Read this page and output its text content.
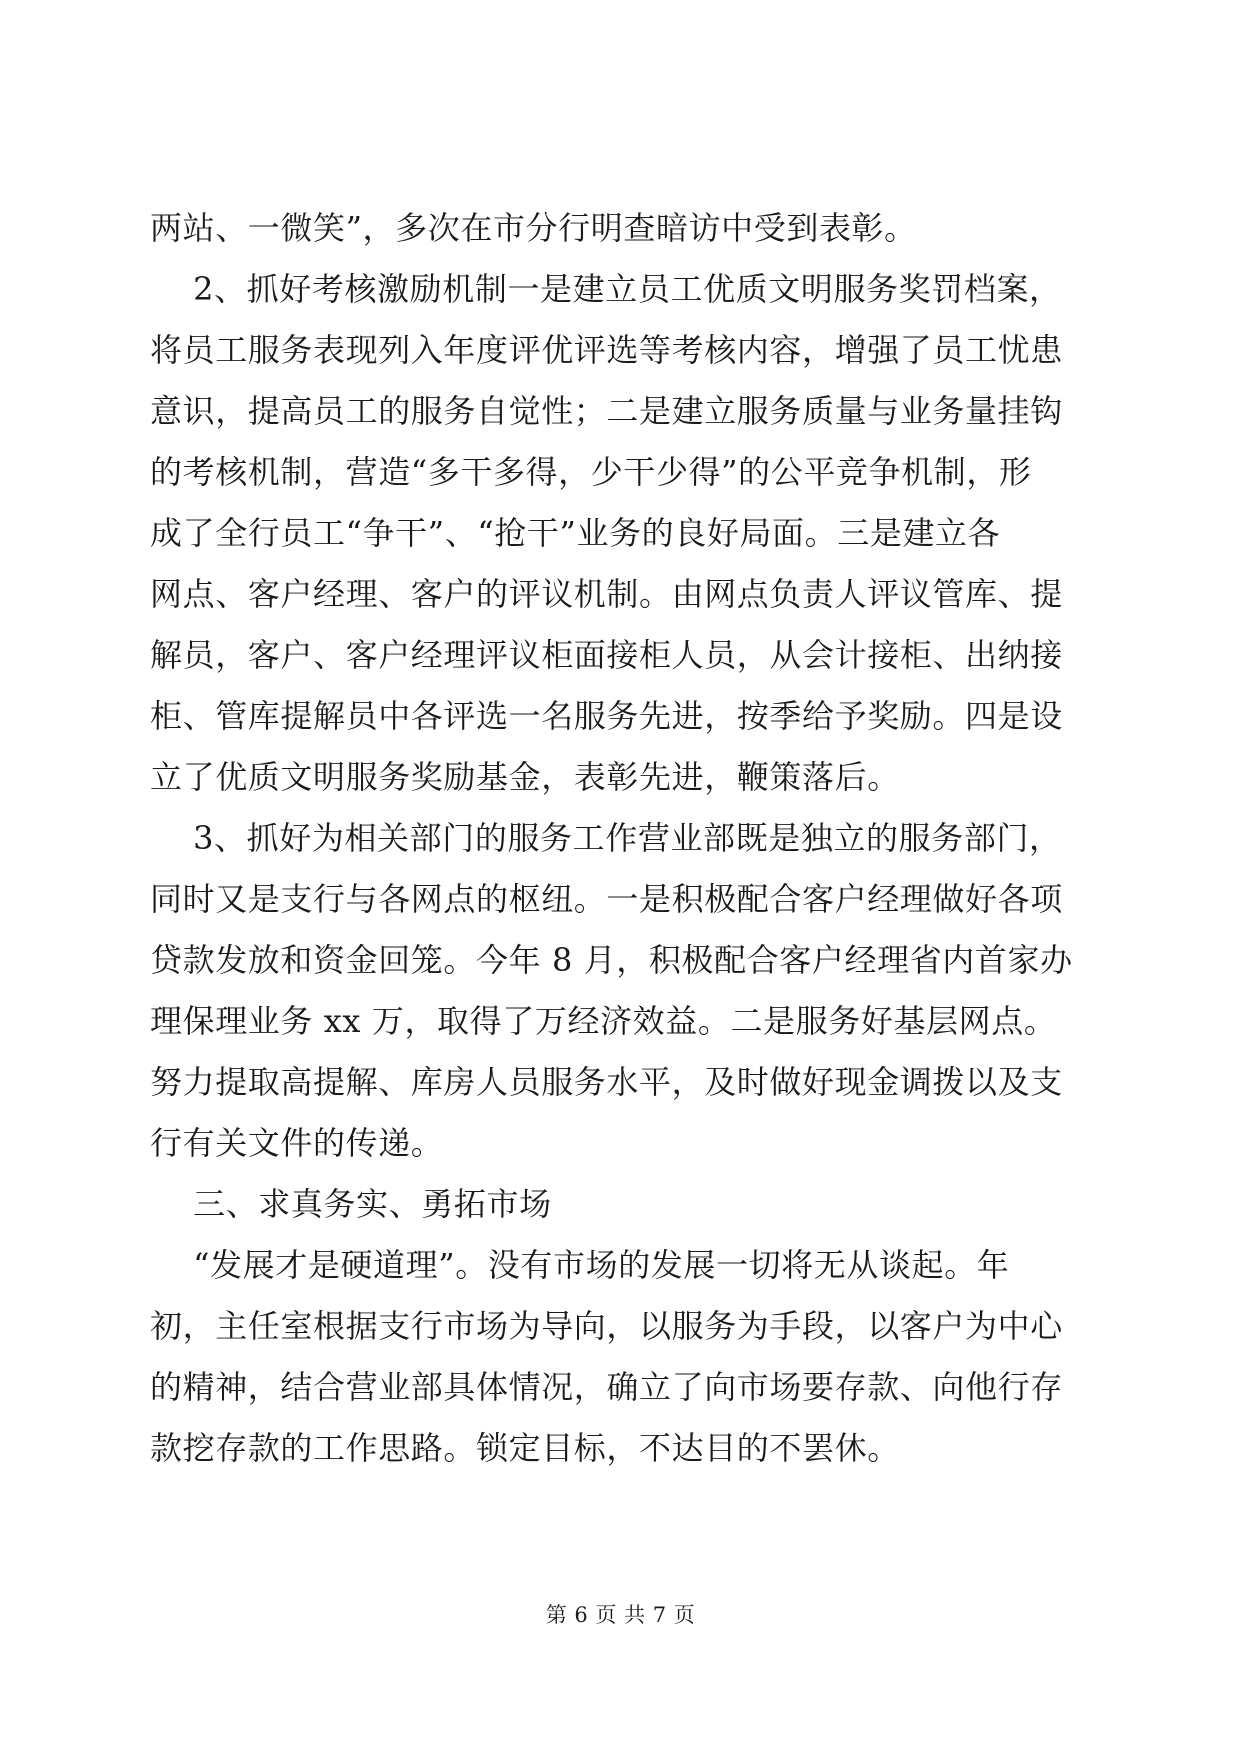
两站、一微笑”，多次在市分行明查暗访中受到表彰。
2、抓好考核激励机制一是建立员工优质文明服务奖罚档案，
将员工服务表现列入年度评优评选等考核内容，增强了员工忧患
意识，提高员工的服务自觉性；二是建立服务质量与业务量挂钩
的考核机制，营造“多干多得，少干少得”的公平竞争机制，形
成了全行员工“争干”、“抢干”业务的良好局面。三是建立各
网点、客户经理、客户的评议机制。由网点负责人评议管库、提
解员，客户、客户经理评议柜面接柜人员，从会计接柜、出纳接
柜、管库提解员中各评选一名服务先进，按季给予奖励。四是设
立了优质文明服务奖励基金，表彰先进，鞭策落后。
3、抓好为相关部门的服务工作营业部既是独立的服务部门，
同时又是支行与各网点的枢纽。一是积极配合客户经理做好各项
贷款发放和资金回笼。今年 8 月，积极配合客户经理省内首家办
理保理业务 xx 万，取得了万经济效益。二是服务好基层网点。
努力提取高提解、库房人员服务水平，及时做好现金调拨以及支
行有关文件的传递。
三、求真务实、勇拓市场
“发展才是硬道理”。没有市场的发展一切将无从谈起。年
初，主任室根据支行市场为导向，以服务为手段，以客户为中心
的精神，结合营业部具体情况，确立了向市场要存款、向他行存
款挖存款的工作思路。锁定目标，不达目的不罢休。
第 6 页 共 7 页
